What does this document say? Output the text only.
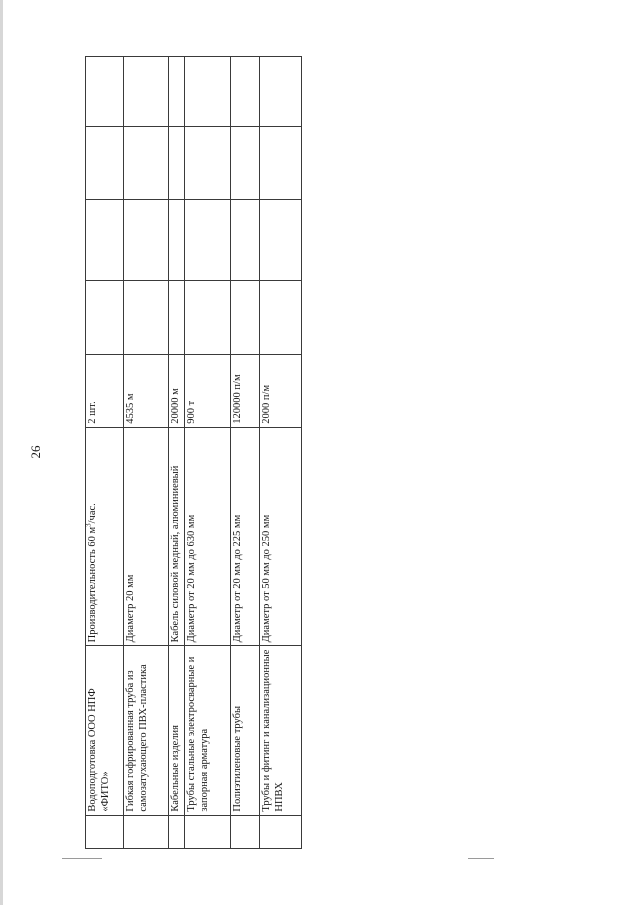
26
	Водоподготовка ООО НПФ «ФИТО»	Производительность 60 $м^3$/час.	2 шт.				
	Гибкая гофрированная труба из самозатухающего ПВХ-пластика	Диаметр 20 мм	4535 м				
	Кабельные изделия	Кабель силовой медный, алюминиевый	20000 м				
	Трубы стальные электросварные и запорная арматура	Диаметр от 20 мм до 630 мм	900 т				
	Полиэтиленовые трубы	Диаметр от 20 мм до 225 мм	120000 п/м				
	Трубы и фитинг и канализационные НПВХ	Диаметр от 50 мм до 250 мм	2000 п/м				
